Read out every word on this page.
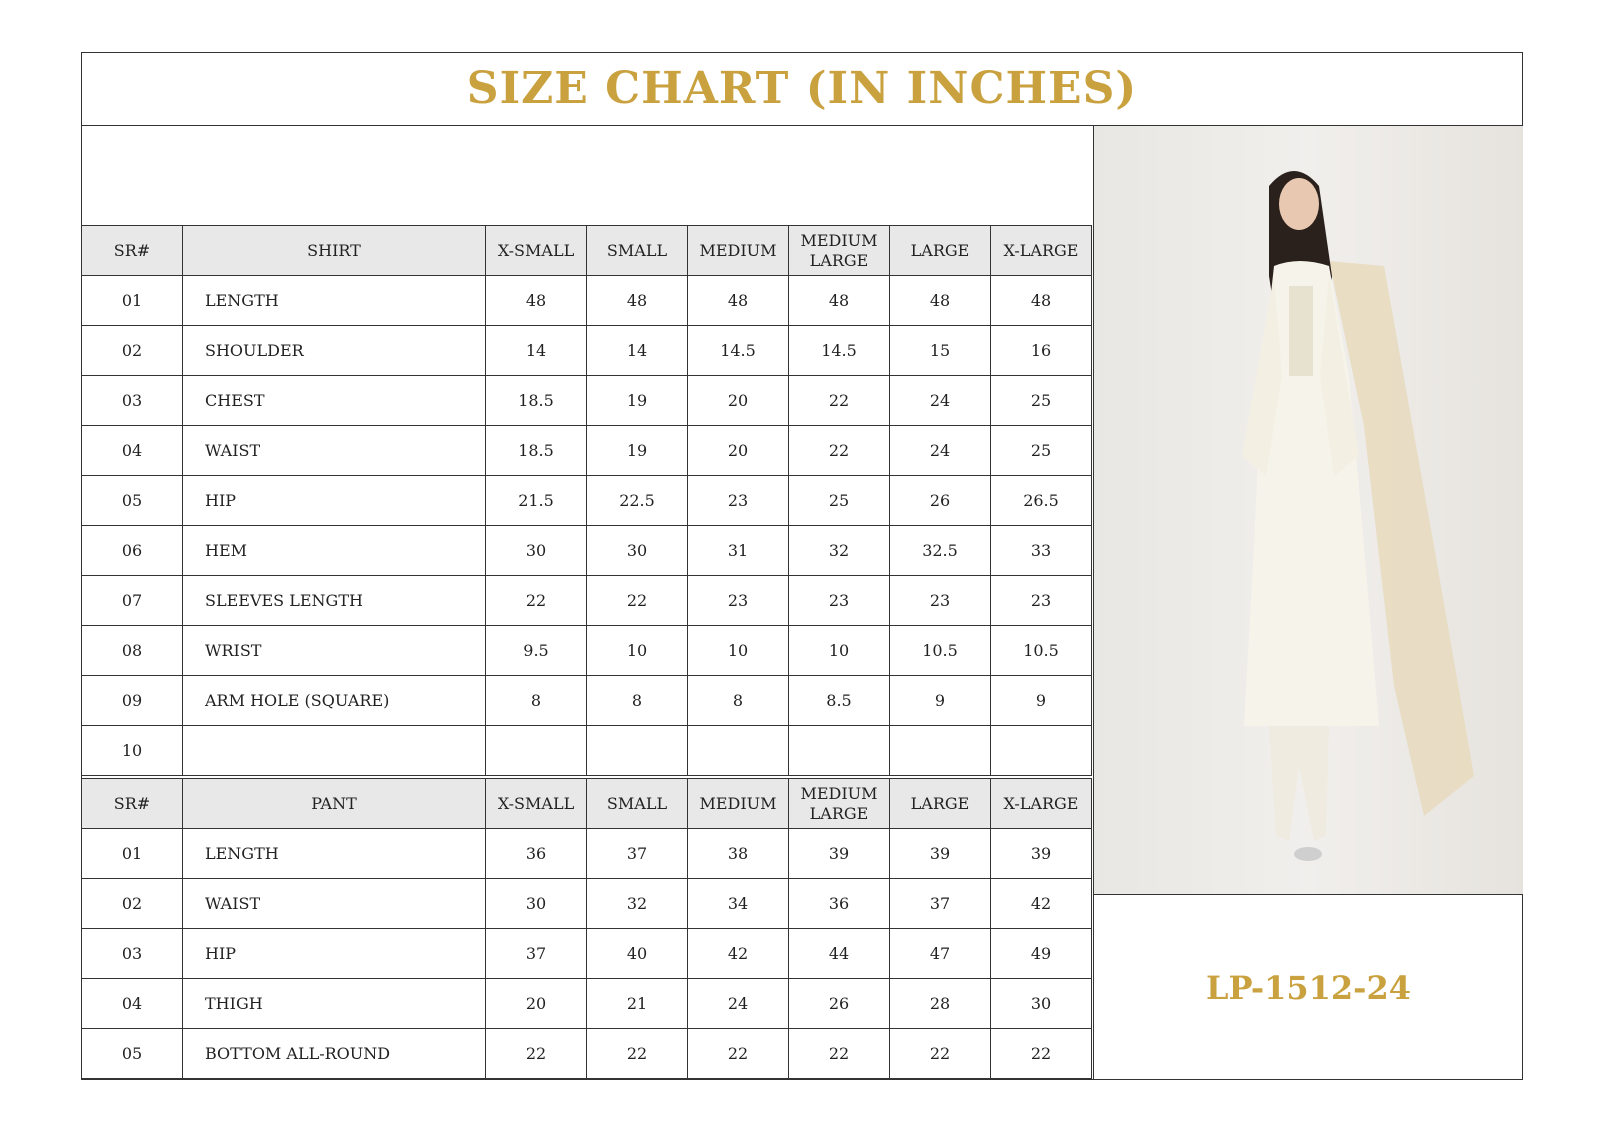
SIZE CHART (IN INCHES)
SR#	SHIRT	X-SMALL	SMALL	MEDIUM	MEDIUM LARGE	LARGE	X-LARGE
01	LENGTH	48	48	48	48	48	48
02	SHOULDER	14	14	14.5	14.5	15	16
03	CHEST	18.5	19	20	22	24	25
04	WAIST	18.5	19	20	22	24	25
05	HIP	21.5	22.5	23	25	26	26.5
06	HEM	30	30	31	32	32.5	33
07	SLEEVES LENGTH	22	22	23	23	23	23
08	WRIST	9.5	10	10	10	10.5	10.5
09	ARM HOLE (SQUARE)	8	8	8	8.5	9	9
10							
SR#	PANT	X-SMALL	SMALL	MEDIUM	MEDIUM LARGE	LARGE	X-LARGE
01	LENGTH	36	37	38	39	39	39
02	WAIST	30	32	34	36	37	42
03	HIP	37	40	42	44	47	49
04	THIGH	20	21	24	26	28	30
05	BOTTOM ALL-ROUND	22	22	22	22	22	22
LP-1512-24
